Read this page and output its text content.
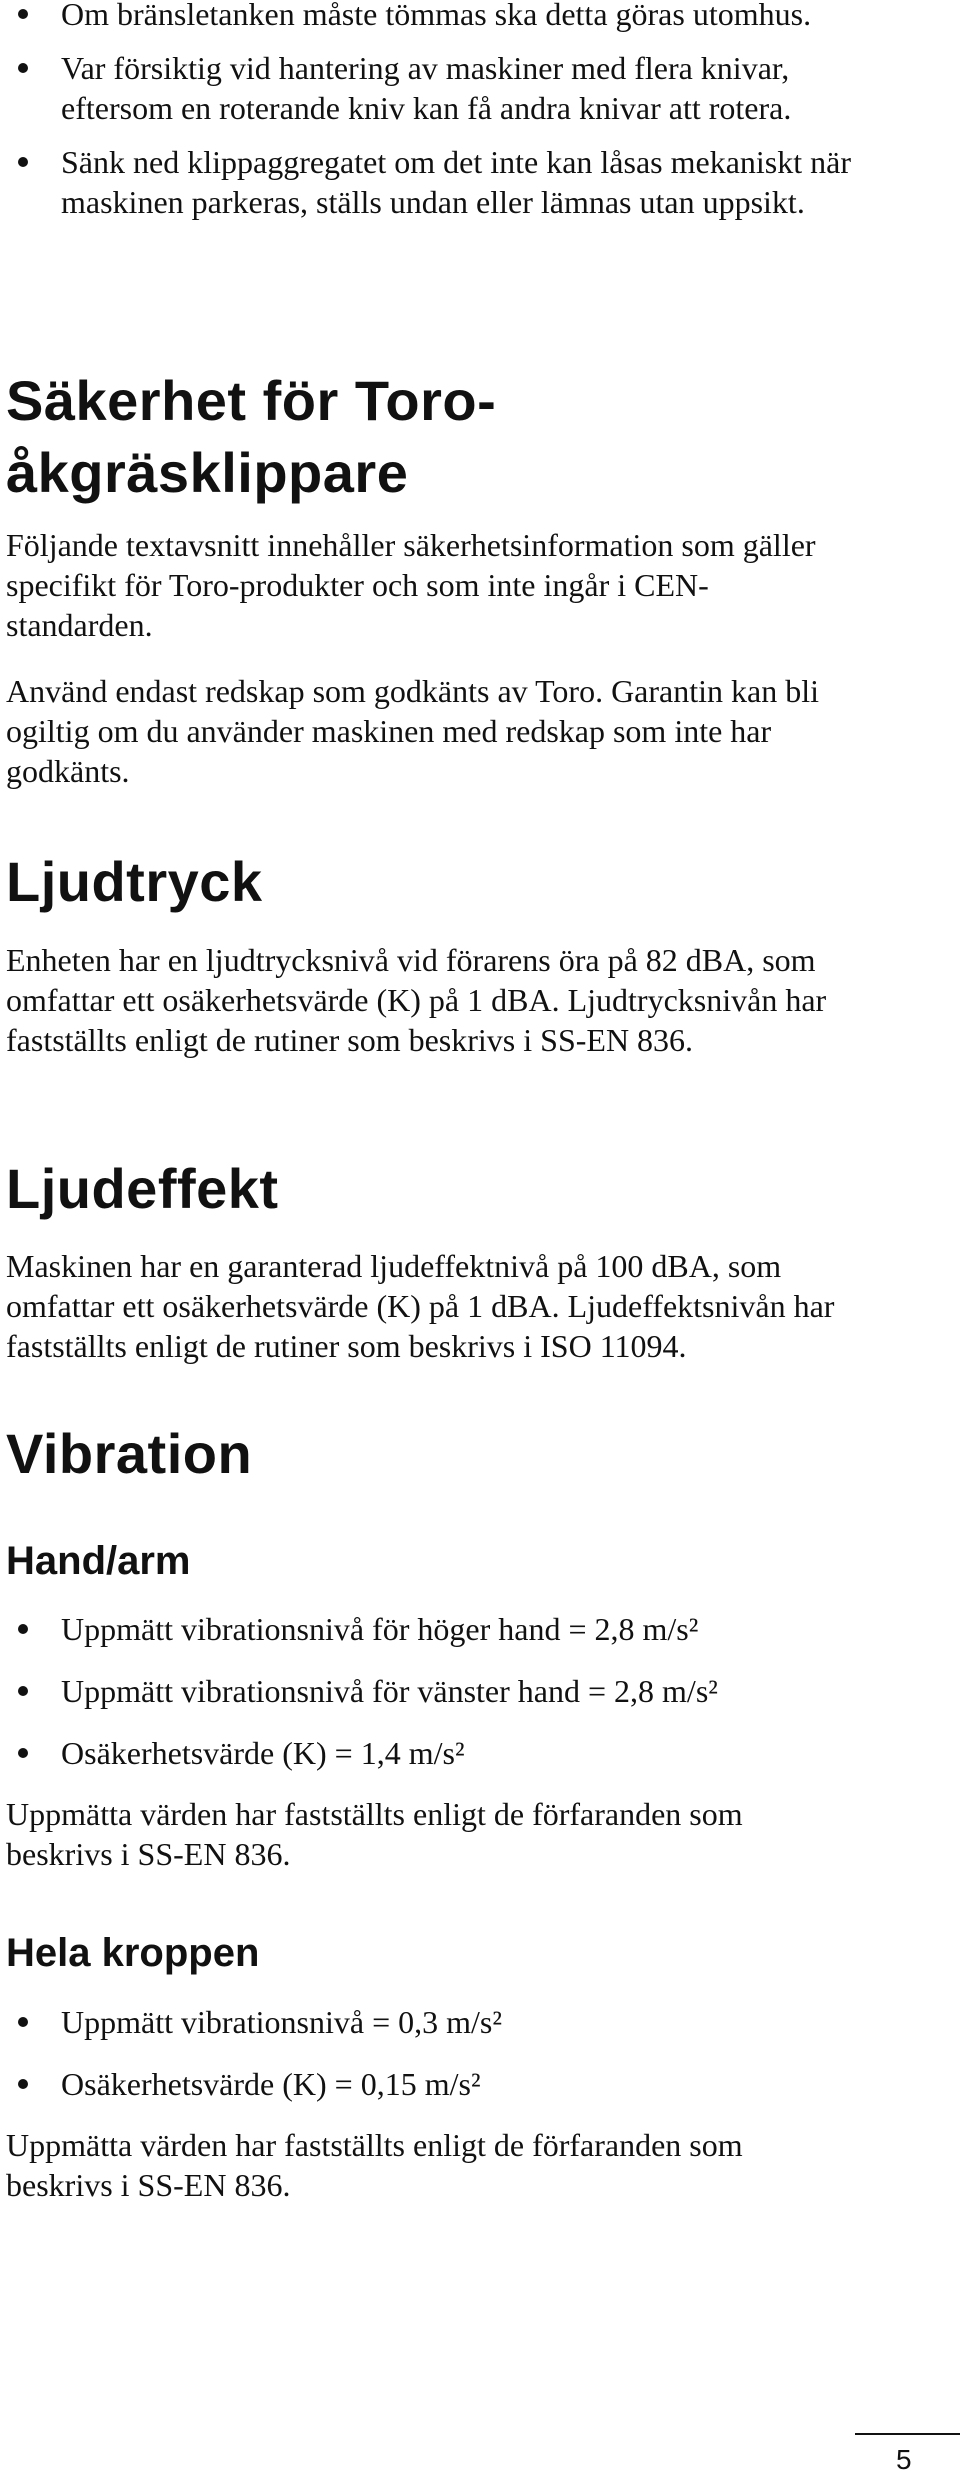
Om bränsletanken måste tömmas ska detta göras utomhus.
Var försiktig vid hantering av maskiner med flera knivar, eftersom en roterande kniv kan få andra knivar att rotera.
Sänk ned klippaggregatet om det inte kan låsas mekaniskt när maskinen parkeras, ställs undan eller lämnas utan uppsikt.
Säkerhet för Toro-
åkgräsklippare

Följande textavsnitt innehåller säkerhetsinformation som gäller specifikt för Toro-produkter och som inte ingår i CEN-standarden.

Använd endast redskap som godkänts av Toro. Garantin kan bli ogiltig om du använder maskinen med redskap som inte har godkänts.

Ljudtryck

Enheten har en ljudtrycksnivå vid förarens öra på 82 dBA, som omfattar ett osäkerhetsvärde (K) på 1 dBA. Ljudtrycksnivån har fastställts enligt de rutiner som beskrivs i SS-EN 836.

Ljudeffekt

Maskinen har en garanterad ljudeffektnivå på 100 dBA, som omfattar ett osäkerhetsvärde (K) på 1 dBA. Ljudeffektsnivån har fastställts enligt de rutiner som beskrivs i ISO 11094.

Vibration
Hand/arm
Uppmätt vibrationsnivå för höger hand = 2,8 m/s²
Uppmätt vibrationsnivå för vänster hand = 2,8 m/s²
Osäkerhetsvärde (K) = 1,4 m/s²

Uppmätta värden har fastställts enligt de förfaranden som beskrivs i SS-EN 836.

Hela kroppen
Uppmätt vibrationsnivå = 0,3 m/s²
Osäkerhetsvärde (K) = 0,15 m/s²

Uppmätta värden har fastställts enligt de förfaranden som beskrivs i SS-EN 836.

5
